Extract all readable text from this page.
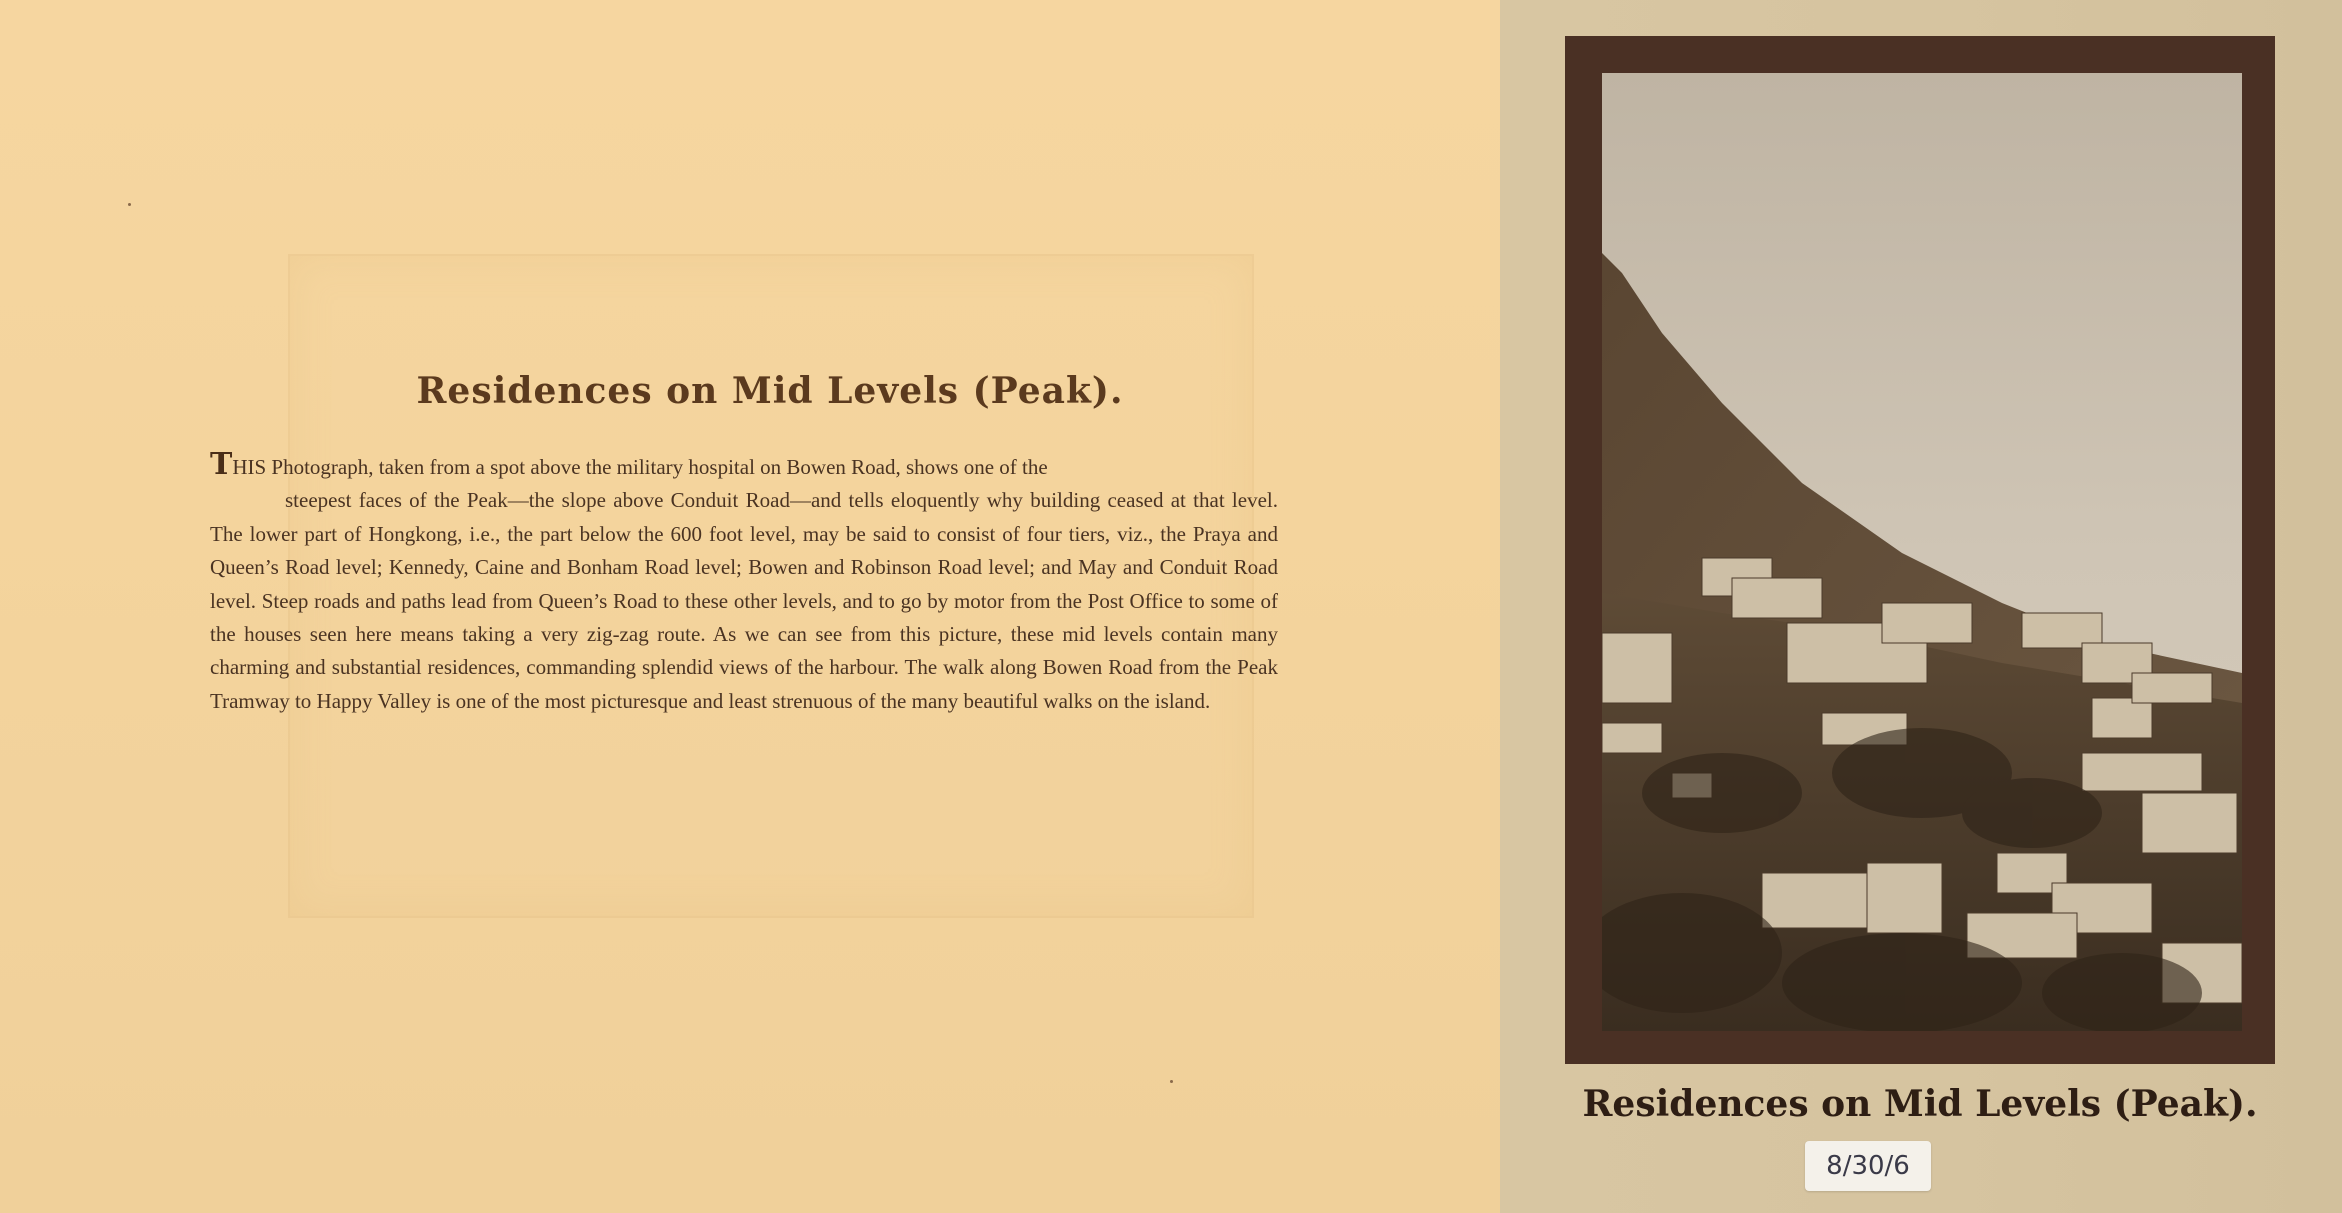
Residences on Mid Levels (Peak).

THIS Photograph, taken from a spot above the military hospital on Bowen Road, shows one of the

steepest faces of the Peak—the slope above Conduit Road—and tells eloquently why building ceased at that level. The lower part of Hongkong, i.e., the part below the 600 foot level, may be said to consist of four tiers, viz., the Praya and Queen’s Road level; Kennedy, Caine and Bonham Road level; Bowen and Robinson Road level; and May and Conduit Road level. Steep roads and paths lead from Queen’s Road to these other levels, and to go by motor from the Post Office to some of the houses seen here means taking a very zig-zag route. As we can see from this picture, these mid levels contain many charming and substantial residences, commanding splendid views of the harbour. The walk along Bowen Road from the Peak Tramway to Happy Valley is one of the most picturesque and least strenuous of the many beautiful walks on the island.

Residences on Mid Levels (Peak).
8/30/6
